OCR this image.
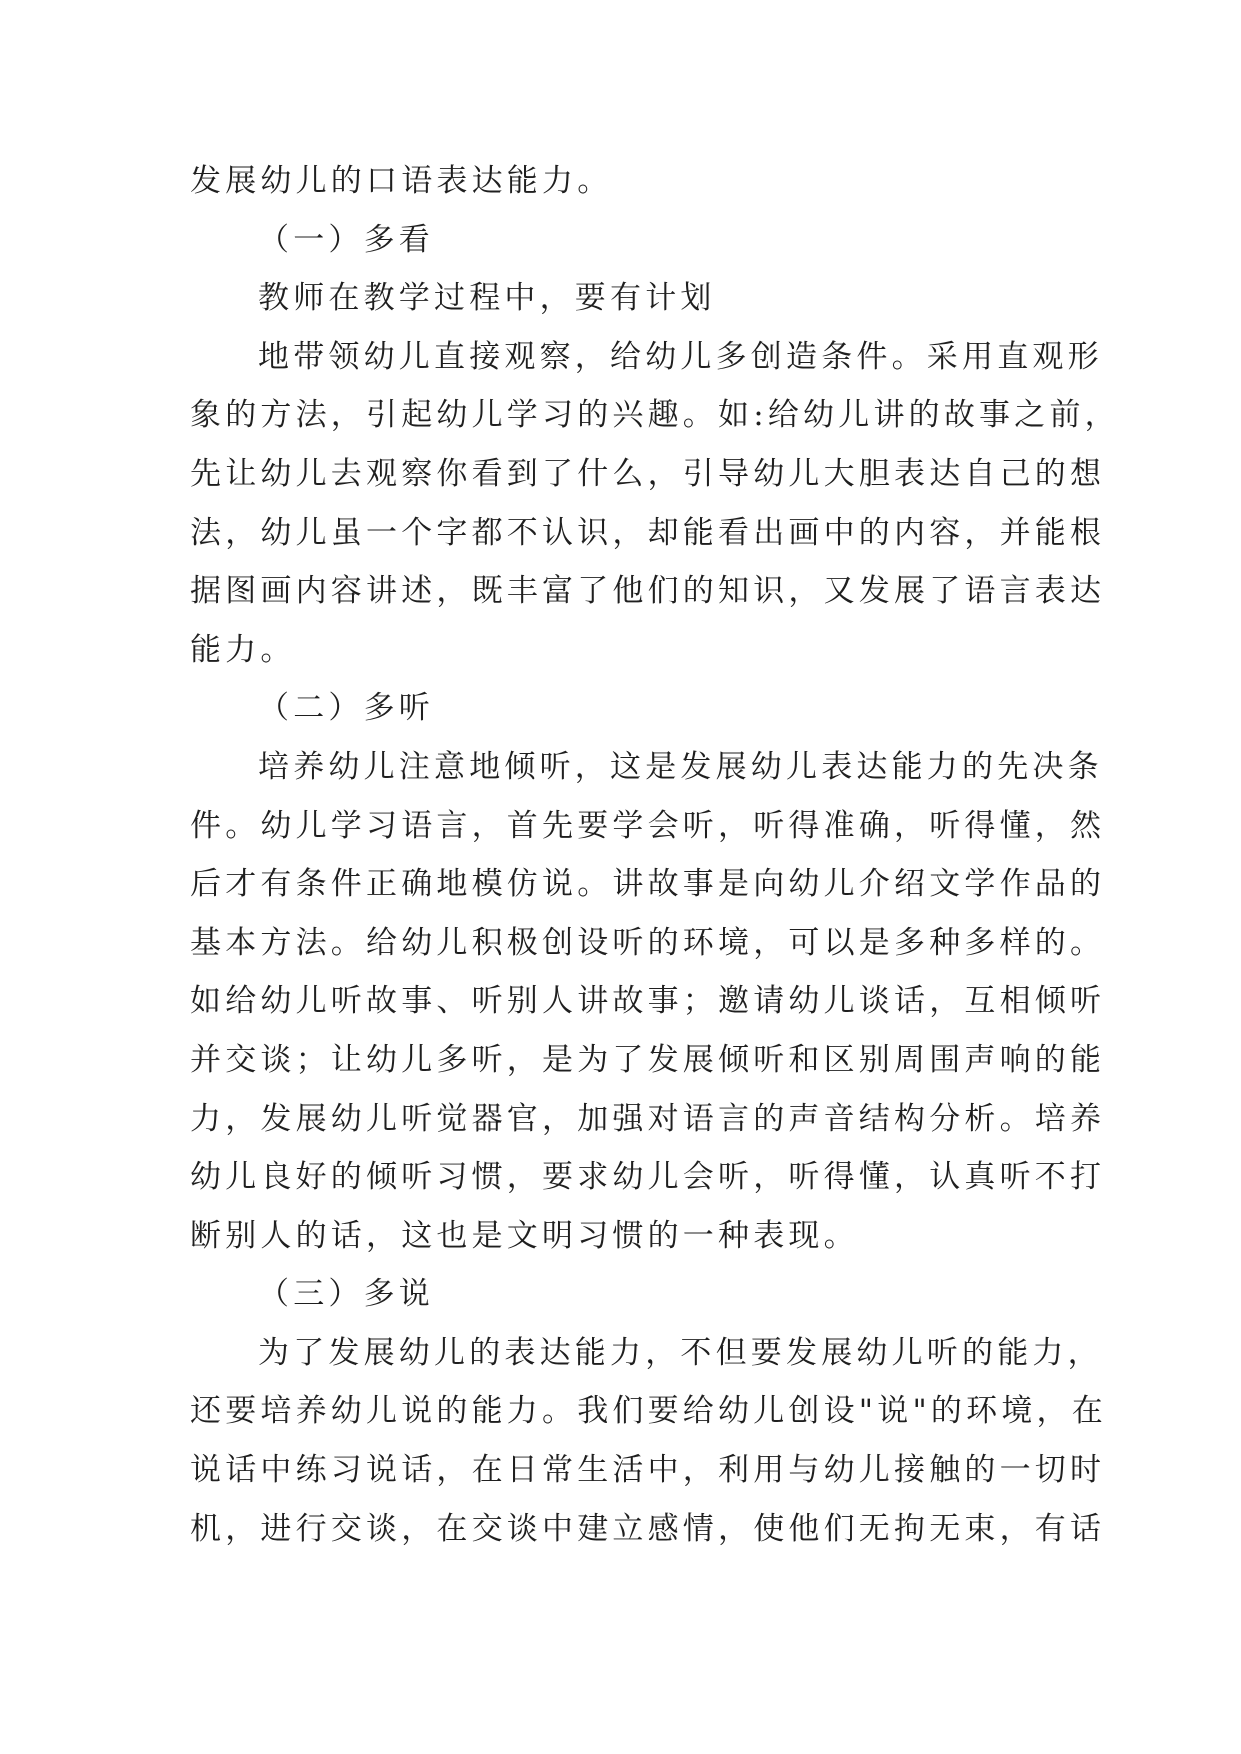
发展幼儿的口语表达能力。
（一）多看
教师在教学过程中，要有计划
地带领幼儿直接观察，给幼儿多创造条件。采用直观形
象的方法，引起幼儿学习的兴趣。如:给幼儿讲的故事之前，
先让幼儿去观察你看到了什么，引导幼儿大胆表达自己的想
法，幼儿虽一个字都不认识，却能看出画中的内容，并能根
据图画内容讲述，既丰富了他们的知识，又发展了语言表达
能力。
（二）多听
培养幼儿注意地倾听，这是发展幼儿表达能力的先决条
件。幼儿学习语言，首先要学会听，听得准确，听得懂，然
后才有条件正确地模仿说。讲故事是向幼儿介绍文学作品的
基本方法。给幼儿积极创设听的环境，可以是多种多样的。
如给幼儿听故事、听别人讲故事；邀请幼儿谈话，互相倾听
并交谈；让幼儿多听，是为了发展倾听和区别周围声响的能
力，发展幼儿听觉器官，加强对语言的声音结构分析。培养
幼儿良好的倾听习惯，要求幼儿会听，听得懂，认真听不打
断别人的话，这也是文明习惯的一种表现。
（三）多说
为了发展幼儿的表达能力，不但要发展幼儿听的能力，
还要培养幼儿说的能力。我们要给幼儿创设"说"的环境，在
说话中练习说话，在日常生活中，利用与幼儿接触的一切时
机，进行交谈，在交谈中建立感情，使他们无拘无束，有话
